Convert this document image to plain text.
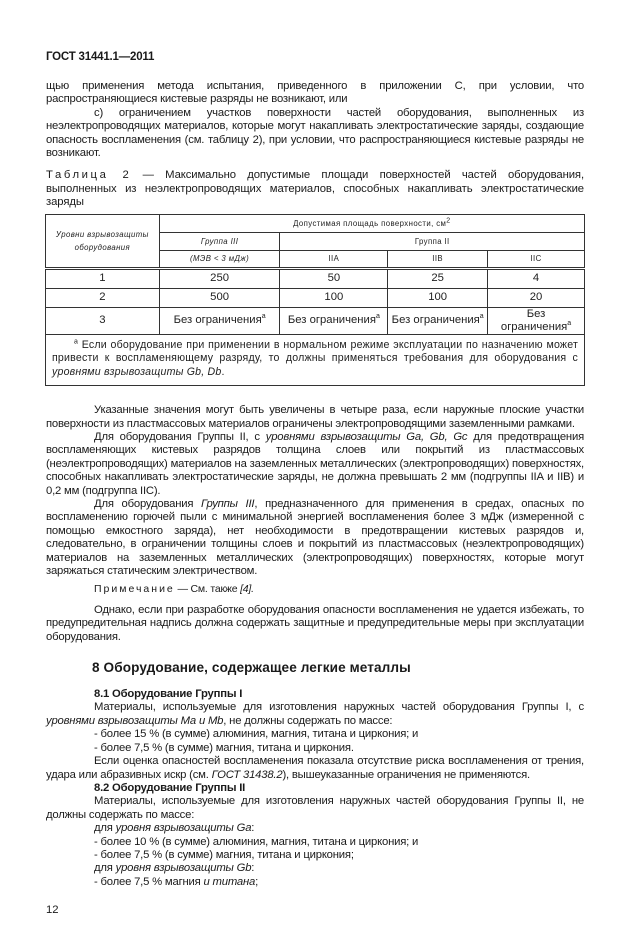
ГОСТ 31441.1—2011

щью применения метода испытания, приведенного в приложении С, при условии, что распространяющиеся кистевые разряды не возникают, или

с) ограничением участков поверхности частей оборудования, выполненных из неэлектропроводящих материалов, которые могут накапливать электростатические заряды, создающие опасность воспламенения (см. таблицу 2), при условии, что распространяющиеся кистевые разряды не возникают.

Таблица 2 — Максимально допустимые площади поверхностей частей оборудования, выполненных из неэлектропроводящих материалов, способных накапливать электростатические заряды
Уровни взрывозащиты оборудования	Допустимая площадь поверхности, $см^2$
	Группа III	Группа II		
	(МЭВ < 3 мДж)	IIA	IIB	IIC
1	250	50	25	4
2	500	100	100	20
3	Без ограничения$^a$	Без ограничения$^a$	Без ограничения$^a$	Без ограничения$^a$
$^a$ Если оборудование при применении в нормальном режиме эксплуатации по назначению может привести к воспламеняющему разряду, то должны применяться требования для оборудования с уровнями взрывозащиты Gb, Db.				

Указанные значения могут быть увеличены в четыре раза, если наружные плоские участки поверхности из пластмассовых материалов ограничены электропроводящими заземленными рамками.

Для оборудования Группы II, с уровнями взрывозащиты Ga, Gb, Gc для предотвращения воспламеняющих кистевых разрядов толщина слоев или покрытий из пластмассовых (неэлектропроводящих) материалов на заземленных металлических (электропроводящих) поверхностях, способных накапливать электростатические заряды, не должна превышать 2 мм (подгруппы IIA и IIB) и 0,2 мм (подгруппа IIC).

Для оборудования Группы III, предназначенного для применения в средах, опасных по воспламенению горючей пыли с минимальной энергией воспламенения более 3 мДж (измеренной с помощью емкостного заряда), нет необходимости в предотвращении кистевых разрядов и, следовательно, в ограничении толщины слоев и покрытий из пластмассовых (неэлектропроводящих) материалов на заземленных металлических (электропроводящих) поверхностях, которые могут заряжаться статическим электричеством.

Примечание — См. также [4].

Однако, если при разработке оборудования опасности воспламенения не удается избежать, то предупредительная надпись должна содержать защитные и предупредительные меры при эксплуатации оборудования.

8 Оборудование, содержащее легкие металлы

8.1 Оборудование Группы I

Материалы, используемые для изготовления наружных частей оборудования Группы I, с уровнями взрывозащиты Ма и Mb, не должны содержать по массе:

- более 15 % (в сумме) алюминия, магния, титана и циркония; и

- более 7,5 % (в сумме) магния, титана и циркония.

Если оценка опасностей воспламенения показала отсутствие риска воспламенения от трения, удара или абразивных искр (см. ГОСТ 31438.2), вышеуказанные ограничения не применяются.

8.2 Оборудование Группы II

Материалы, используемые для изготовления наружных частей оборудования Группы II, не должны содержать по массе:

для уровня взрывозащиты Ga:

- более 10 % (в сумме) алюминия, магния, титана и циркония; и

- более 7,5 % (в сумме) магния, титана и циркония;

для уровня взрывозащиты Gb:

- более 7,5 % магния и титана;

12
